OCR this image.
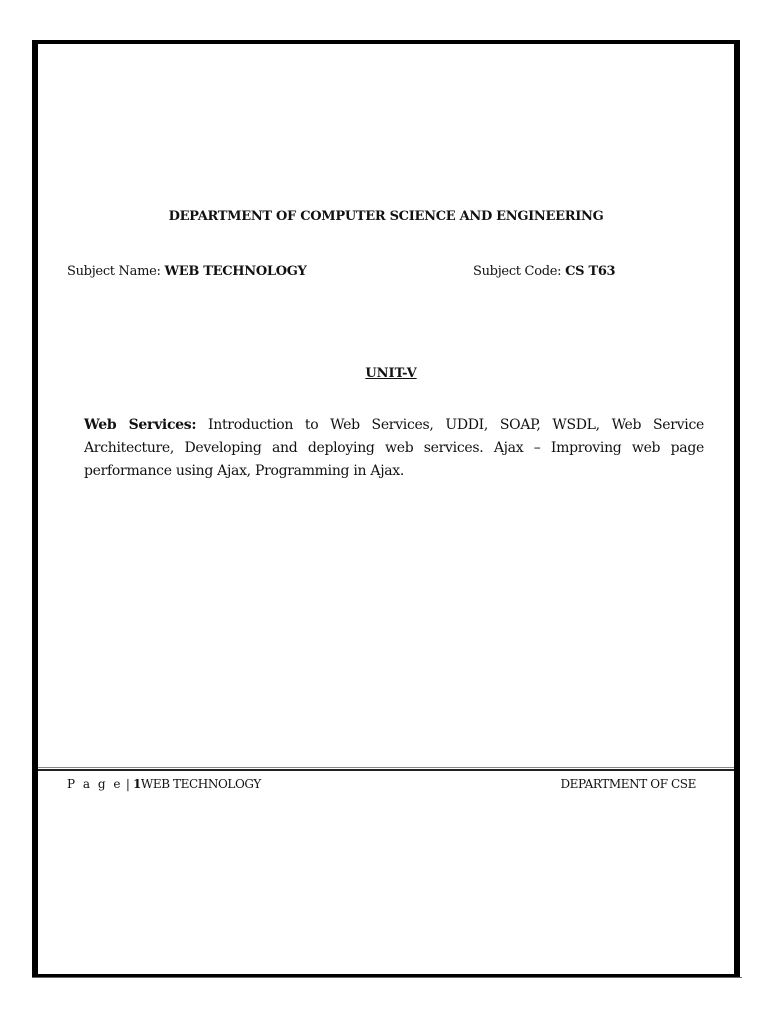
DEPARTMENT OF COMPUTER SCIENCE AND ENGINEERING
Subject Name: WEB TECHNOLOGY	Subject Code: CS T63
UNIT-V
Web Services: Introduction to Web Services, UDDI, SOAP, WSDL, Web Service Architecture, Developing and deploying web services. Ajax – Improving web page performance using Ajax, Programming in Ajax.
P a g e | 1WEB TECHNOLOGY	DEPARTMENT OF CSE
